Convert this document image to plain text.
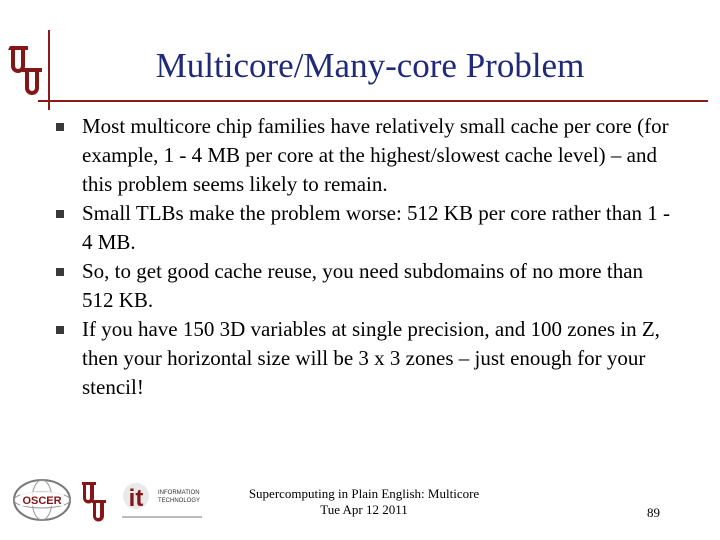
Multicore/Many-core Problem
Most multicore chip families have relatively small cache per core (for example, 1 - 4 MB per core at the highest/slowest cache level) – and this problem seems likely to remain.
Small TLBs make the problem worse: 512 KB per core rather than 1 - 4 MB.
So, to get good cache reuse, you need subdomains of no more than 512 KB.
If you have 150 3D variables at single precision, and 100 zones in Z, then your horizontal size will be 3 x 3 zones – just enough for your stencil!
OSCER	it INFORMATION
TECHNOLOGY	Supercomputing in Plain English: Multicore
Tue Apr 12 2011	89
